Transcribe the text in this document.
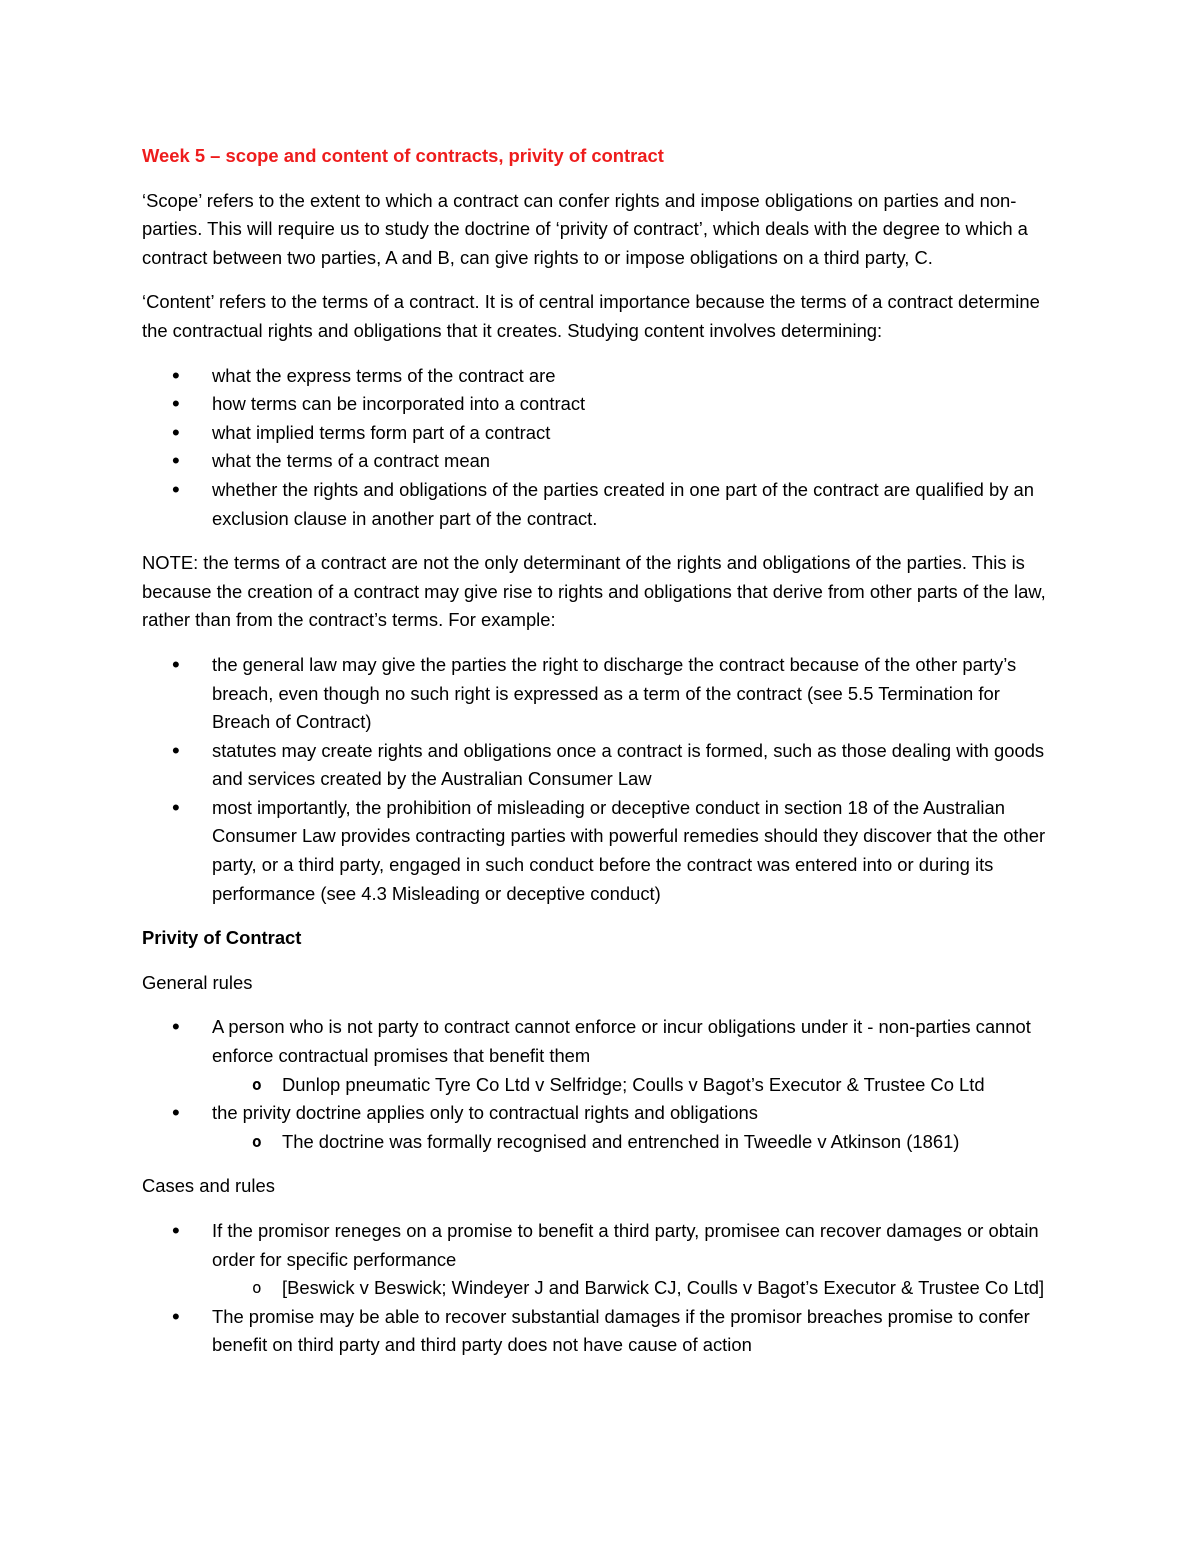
Week 5 – scope and content of contracts, privity of contract

‘Scope’ refers to the extent to which a contract can confer rights and impose obligations on parties and non-parties. This will require us to study the doctrine of ‘privity of contract’, which deals with the degree to which a contract between two parties, A and B, can give rights to or impose obligations on a third party, C.

‘Content’ refers to the terms of a contract. It is of central importance because the terms of a contract determine the contractual rights and obligations that it creates. Studying content involves determining:

• what the express terms of the contract are
• how terms can be incorporated into a contract
• what implied terms form part of a contract
• what the terms of a contract mean
• whether the rights and obligations of the parties created in one part of the contract are qualified by an exclusion clause in another part of the contract.

NOTE: the terms of a contract are not the only determinant of the rights and obligations of the parties. This is because the creation of a contract may give rise to rights and obligations that derive from other parts of the law, rather than from the contract’s terms. For example:

• the general law may give the parties the right to discharge the contract because of the other party’s breach, even though no such right is expressed as a term of the contract (see 5.5 Termination for Breach of Contract)
• statutes may create rights and obligations once a contract is formed, such as those dealing with goods and services created by the Australian Consumer Law
• most importantly, the prohibition of misleading or deceptive conduct in section 18 of the Australian Consumer Law provides contracting parties with powerful remedies should they discover that the other party, or a third party, engaged in such conduct before the contract was entered into or during its performance (see 4.3 Misleading or deceptive conduct)
Privity of Contract
General rules
• A person who is not party to contract cannot enforce or incur obligations under it - non-parties cannot enforce contractual promises that benefit them
o Dunlop pneumatic Tyre Co Ltd v Selfridge; Coulls v Bagot’s Executor & Trustee Co Ltd
• the privity doctrine applies only to contractual rights and obligations
o The doctrine was formally recognised and entrenched in Tweedle v Atkinson (1861)
Cases and rules
• If the promisor reneges on a promise to benefit a third party, promisee can recover damages or obtain order for specific performance
o [Beswick v Beswick; Windeyer J and Barwick CJ, Coulls v Bagot’s Executor & Trustee Co Ltd]
• The promise may be able to recover substantial damages if the promisor breaches promise to confer benefit on third party and third party does not have cause of action
